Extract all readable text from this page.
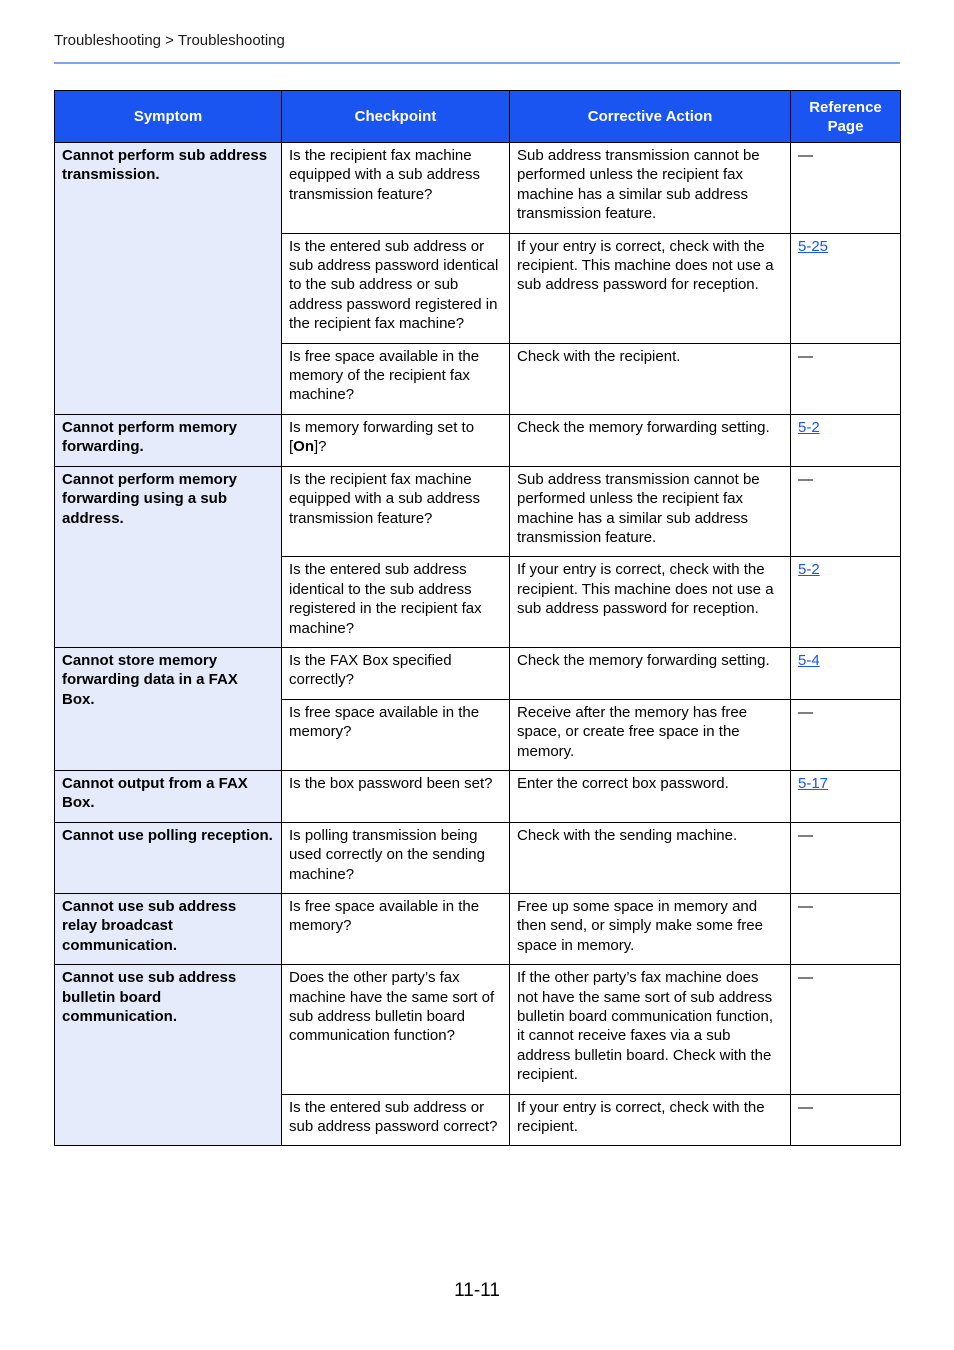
Troubleshooting > Troubleshooting
Symptom	Checkpoint	Corrective Action	Reference Page
Cannot perform sub address transmission.	Is the recipient fax machine equipped with a sub address transmission feature?	Sub address transmission cannot be performed unless the recipient fax machine has a similar sub address transmission feature.	—
	Is the entered sub address or sub address password identical to the sub address or sub address password registered in the recipient fax machine?	If your entry is correct, check with the recipient. This machine does not use a sub address password for reception.	5-25
	Is free space available in the memory of the recipient fax machine?	Check with the recipient.	—
Cannot perform memory forwarding.	Is memory forwarding set to [On]?	Check the memory forwarding setting.	5-2
Cannot perform memory forwarding using a sub address.	Is the recipient fax machine equipped with a sub address transmission feature?	Sub address transmission cannot be performed unless the recipient fax machine has a similar sub address transmission feature.	—
	Is the entered sub address identical to the sub address registered in the recipient fax machine?	If your entry is correct, check with the recipient. This machine does not use a sub address password for reception.	5-2
Cannot store memory forwarding data in a FAX Box.	Is the FAX Box specified correctly?	Check the memory forwarding setting.	5-4
	Is free space available in the memory?	Receive after the memory has free space, or create free space in the memory.	—
Cannot output from a FAX Box.	Is the box password been set?	Enter the correct box password.	5-17
Cannot use polling reception.	Is polling transmission being used correctly on the sending machine?	Check with the sending machine.	—
Cannot use sub address relay broadcast communication.	Is free space available in the memory?	Free up some space in memory and then send, or simply make some free space in memory.	—
Cannot use sub address bulletin board communication.	Does the other party’s fax machine have the same sort of sub address bulletin board communication function?	If the other party’s fax machine does not have the same sort of sub address bulletin board communication function, it cannot receive faxes via a sub address bulletin board. Check with the recipient.	—
	Is the entered sub address or sub address password correct?	If your entry is correct, check with the recipient.	—
11-11
